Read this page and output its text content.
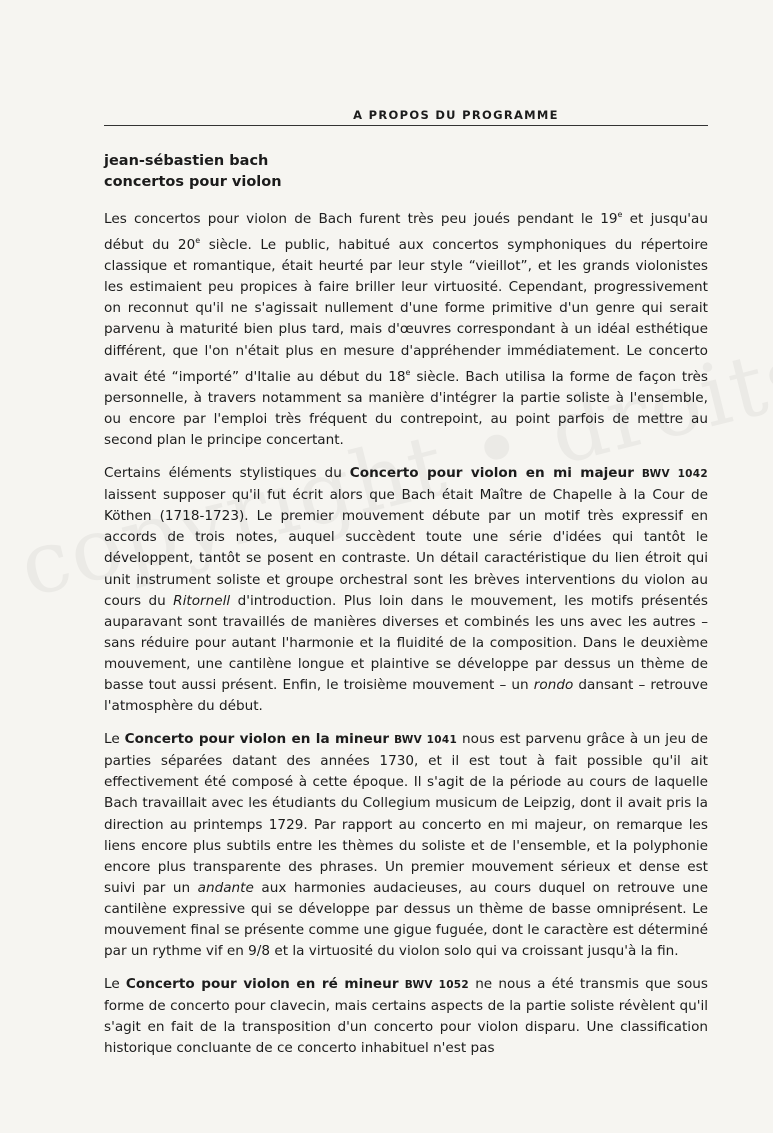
A PROPOS DU PROGRAMME
jean-sébastien bach
concertos pour violon

Les concertos pour violon de Bach furent très peu joués pendant le 19e et jusqu'au début du 20e siècle. Le public, habitué aux concertos symphoniques du répertoire classique et romantique, était heurté par leur style “vieillot”, et les grands violonistes les estimaient peu propices à faire briller leur virtuosité. Cependant, progressivement on reconnut qu'il ne s'agissait nullement d'une forme primitive d'un genre qui serait parvenu à maturité bien plus tard, mais d'œuvres correspondant à un idéal esthétique différent, que l'on n'était plus en mesure d'appréhender immédiatement. Le concerto avait été “importé” d'Italie au début du 18e siècle. Bach utilisa la forme de façon très personnelle, à travers notamment sa manière d'intégrer la partie soliste à l'ensemble, ou encore par l'emploi très fréquent du contrepoint, au point parfois de mettre au second plan le principe concertant.

Certains éléments stylistiques du Concerto pour violon en mi majeur BWV 1042 laissent supposer qu'il fut écrit alors que Bach était Maître de Chapelle à la Cour de Köthen (1718-1723). Le premier mouvement débute par un motif très expressif en accords de trois notes, auquel succèdent toute une série d'idées qui tantôt le développent, tantôt se posent en contraste. Un détail caractéristique du lien étroit qui unit instrument soliste et groupe orchestral sont les brèves interventions du violon au cours du Ritornell d'introduction. Plus loin dans le mouvement, les motifs présentés auparavant sont travaillés de manières diverses et combinés les uns avec les autres – sans réduire pour autant l'harmonie et la fluidité de la composition. Dans le deuxième mouvement, une cantilène longue et plaintive se développe par dessus un thème de basse tout aussi présent. Enfin, le troisième mouvement – un rondo dansant – retrouve l'atmosphère du début.

Le Concerto pour violon en la mineur BWV 1041 nous est parvenu grâce à un jeu de parties séparées datant des années 1730, et il est tout à fait possible qu'il ait effectivement été composé à cette époque. Il s'agit de la période au cours de laquelle Bach travaillait avec les étudiants du Collegium musicum de Leipzig, dont il avait pris la direction au printemps 1729. Par rapport au concerto en mi majeur, on remarque les liens encore plus subtils entre les thèmes du soliste et de l'ensemble, et la polyphonie encore plus transparente des phrases. Un premier mouvement sérieux et dense est suivi par un andante aux harmonies audacieuses, au cours duquel on retrouve une cantilène expressive qui se développe par dessus un thème de basse omniprésent. Le mouvement final se présente comme une gigue fuguée, dont le caractère est déterminé par un rythme vif en 9/8 et la virtuosité du violon solo qui va croissant jusqu'à la fin.

Le Concerto pour violon en ré mineur BWV 1052 ne nous a été transmis que sous forme de concerto pour clavecin, mais certains aspects de la partie soliste révèlent qu'il s'agit en fait de la transposition d'un concerto pour violon disparu. Une classification historique concluante de ce concerto inhabituel n'est pas
